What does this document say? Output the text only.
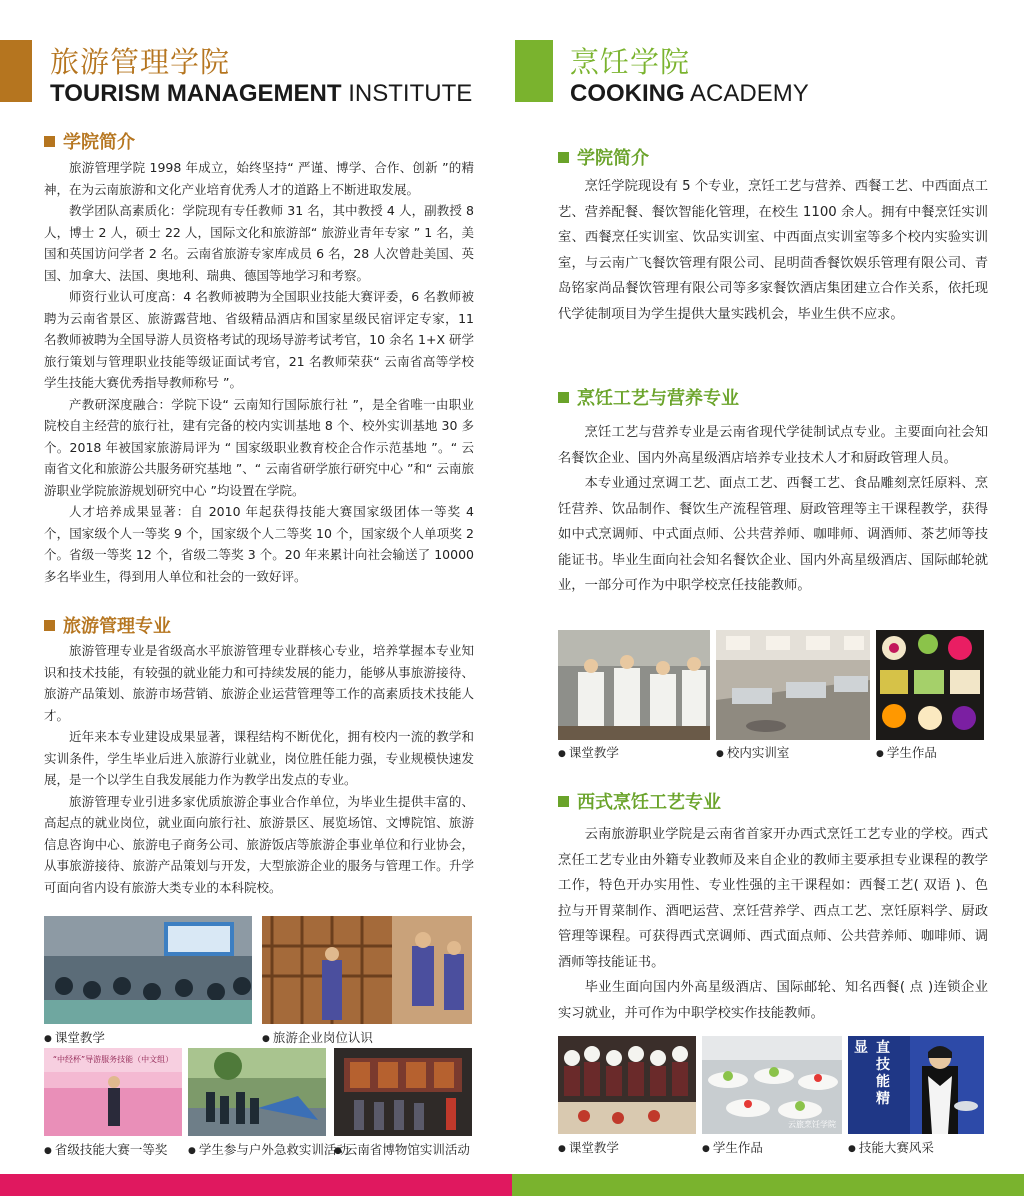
旅游管理学院
TOURISM MANAGEMENT INSTITUTE
学院简介

旅游管理学院 1998 年成立，始终坚持“ 严谨、博学、合作、创新 ”的精神，在为云南旅游和文化产业培育优秀人才的道路上不断进取发展。

教学团队高素质化：学院现有专任教师 31 名，其中教授 4 人，副教授 8 人，博士 2 人，硕士 22 人，国际文化和旅游部“ 旅游业青年专家 ” 1 名，美国和英国访问学者 2 名。云南省旅游专家库成员 6 名，28 人次曾赴美国、英国、加拿大、法国、奥地利、瑞典、德国等地学习和考察。

师资行业认可度高：4 名教师被聘为全国职业技能大赛评委，6 名教师被聘为云南省景区、旅游露营地、省级精品酒店和国家星级民宿评定专家，11 名教师被聘为全国导游人员资格考试的现场导游考试考官，10 余名 1+X 研学旅行策划与管理职业技能等级证面试考官，21 名教师荣获“ 云南省高等学校学生技能大赛优秀指导教师称号 ”。

产教研深度融合：学院下设“ 云南知行国际旅行社 ”，是全省唯一由职业院校自主经营的旅行社，建有完备的校内实训基地 8 个、校外实训基地 30 多个。2018 年被国家旅游局评为 “ 国家级职业教育校企合作示范基地 ”。“ 云南省文化和旅游公共服务研究基地 ”、“ 云南省研学旅行研究中心 ”和“ 云南旅游职业学院旅游规划研究中心 ”均设置在学院。

人才培养成果显著：自 2010 年起获得技能大赛国家级团体一等奖 4 个，国家级个人一等奖 9 个，国家级个人二等奖 10 个，国家级个人单项奖 2 个。省级一等奖 12 个，省级二等奖 3 个。20 年来累计向社会输送了 10000 多名毕业生，得到用人单位和社会的一致好评。

旅游管理专业

旅游管理专业是省级高水平旅游管理专业群核心专业，培养掌握本专业知识和技术技能，有较强的就业能力和可持续发展的能力，能够从事旅游接待、旅游产品策划、旅游市场营销、旅游企业运营管理等工作的高素质技术技能人才。

近年来本专业建设成果显著，课程结构不断优化，拥有校内一流的教学和实训条件，学生毕业后进入旅游行业就业，岗位胜任能力强，专业规模快速发展，是一个以学生自我发展能力作为教学出发点的专业。

旅游管理专业引进多家优质旅游企事业合作单位，为毕业生提供丰富的、高起点的就业岗位，就业面向旅行社、旅游景区、展览场馆、文博院馆、旅游信息咨询中心、旅游电子商务公司、旅游饭店等旅游企事业单位和行业协会，从事旅游接待、旅游产品策划与开发，大型旅游企业的服务与管理工作。升学可面向省内设有旅游大类专业的本科院校。

● 课堂教学	● 旅游企业岗位认识
“中经杯”导游服务技能（中文组）
● 省级技能大赛一等奖	● 学生参与户外急救实训活动
● 云南省博物馆实训活动
烹饪学院
COOKING ACADEMY
学院简介

烹饪学院现设有 5 个专业，烹饪工艺与营养、西餐工艺、中西面点工艺、营养配餐、餐饮智能化管理，在校生 1100 余人。拥有中餐烹饪实训室、西餐烹任实训室、饮品实训室、中西面点实训室等多个校内实验实训室，与云南广飞餐饮管理有限公司、昆明茴香餐饮娱乐管理有限公司、青岛铭家尚品餐饮管理有限公司等多家餐饮酒店集团建立合作关系，依托现代学徒制项目为学生提供大量实践机会，毕业生供不应求。

烹饪工艺与营养专业

烹饪工艺与营养专业是云南省现代学徒制试点专业。主要面向社会知名餐饮企业、国内外高星级酒店培养专业技术人才和厨政管理人员。

本专业通过烹调工艺、面点工艺、西餐工艺、食品雕刻烹饪原料、烹饪营养、饮品制作、餐饮生产流程管理、厨政管理等主干课程教学，获得如中式烹调师、中式面点师、公共营养师、咖啡师、调酒师、茶艺师等技能证书。毕业生面向社会知名餐饮企业、国内外高星级酒店、国际邮轮就业，一部分可作为中职学校烹任技能教师。

● 课堂教学	● 校内实训室	● 学生作品
西式烹饪工艺专业

云南旅游职业学院是云南省首家开办西式烹饪工艺专业的学校。西式烹任工艺专业由外籍专业教师及来自企业的教师主要承担专业课程的教学工作，特色开办实用性、专业性强的主干课程如：西餐工艺( 双语 )、色拉与开胃菜制作、酒吧运营、烹饪营养学、西点工艺、烹饪原料学、厨政管理等课程。可获得西式烹调师、西式面点师、公共营养师、咖啡师、调酒师等技能证书。

毕业生面向国内外高星级酒店、国际邮轮、知名西餐( 点 )连锁企业实习就业，并可作为中职学校实作技能教师。

云旅烹饪学院
显 直技能精
● 课堂教学	● 学生作品	● 技能大赛风采
